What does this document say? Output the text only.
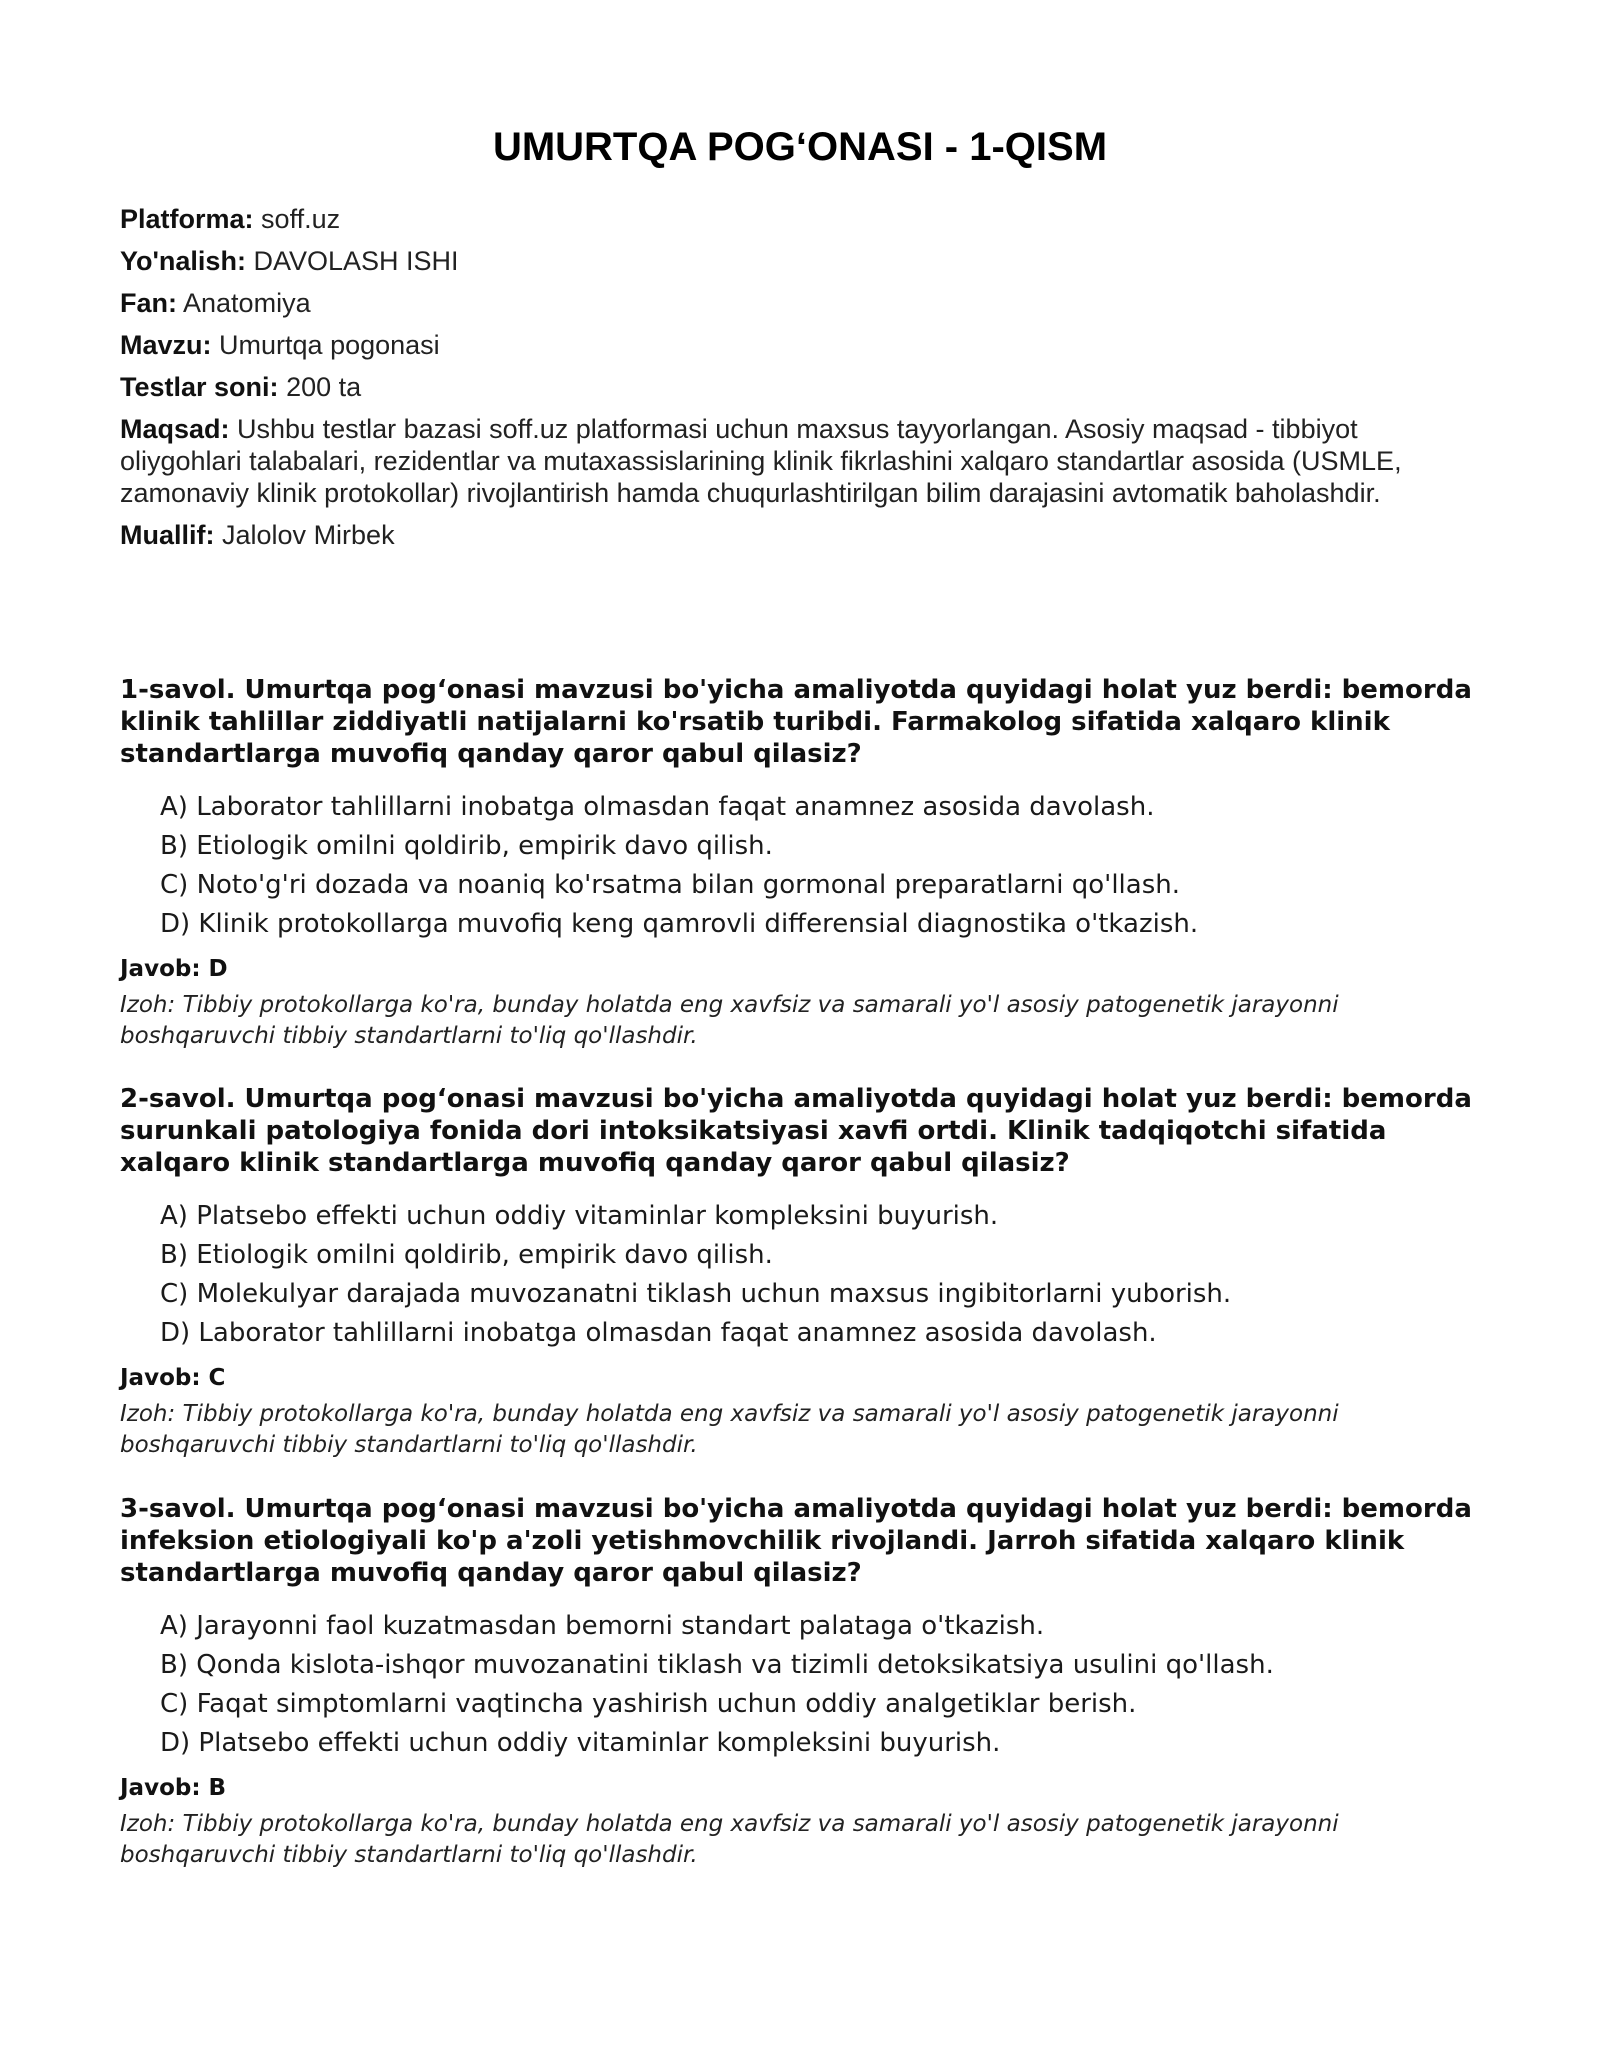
UMURTQA POG‘ONASI - 1-QISM

Platforma: soff.uz

Yo'nalish: DAVOLASH ISHI

Fan: Anatomiya

Mavzu: Umurtqa pogonasi

Testlar soni: 200 ta

Maqsad: Ushbu testlar bazasi soff.uz platformasi uchun maxsus tayyorlangan. Asosiy maqsad - tibbiyot oliygohlari talabalari, rezidentlar va mutaxassislarining klinik fikrlashini xalqaro standartlar asosida (USMLE, zamonaviy klinik protokollar) rivojlantirish hamda chuqurlashtirilgan bilim darajasini avtomatik baholashdir.

Muallif: Jalolov Mirbek

1-savol. Umurtqa pog‘onasi mavzusi bo'yicha amaliyotda quyidagi holat yuz berdi: bemorda klinik tahlillar ziddiyatli natijalarni ko'rsatib turibdi. Farmakolog sifatida xalqaro klinik standartlarga muvofiq qanday qaror qabul qilasiz?

A) Laborator tahlillarni inobatga olmasdan faqat anamnez asosida davolash.
B) Etiologik omilni qoldirib, empirik davo qilish.
C) Noto'g'ri dozada va noaniq ko'rsatma bilan gormonal preparatlarni qo'llash.
D) Klinik protokollarga muvofiq keng qamrovli differensial diagnostika o'tkazish.

Javob: D

Izoh: Tibbiy protokollarga ko'ra, bunday holatda eng xavfsiz va samarali yo'l asosiy patogenetik jarayonni boshqaruvchi tibbiy standartlarni to'liq qo'llashdir.

2-savol. Umurtqa pog‘onasi mavzusi bo'yicha amaliyotda quyidagi holat yuz berdi: bemorda surunkali patologiya fonida dori intoksikatsiyasi xavfi ortdi. Klinik tadqiqotchi sifatida xalqaro klinik standartlarga muvofiq qanday qaror qabul qilasiz?

A) Platsebo effekti uchun oddiy vitaminlar kompleksini buyurish.
B) Etiologik omilni qoldirib, empirik davo qilish.
C) Molekulyar darajada muvozanatni tiklash uchun maxsus ingibitorlarni yuborish.
D) Laborator tahlillarni inobatga olmasdan faqat anamnez asosida davolash.

Javob: C

Izoh: Tibbiy protokollarga ko'ra, bunday holatda eng xavfsiz va samarali yo'l asosiy patogenetik jarayonni boshqaruvchi tibbiy standartlarni to'liq qo'llashdir.

3-savol. Umurtqa pog‘onasi mavzusi bo'yicha amaliyotda quyidagi holat yuz berdi: bemorda infeksion etiologiyali ko'p a'zoli yetishmovchilik rivojlandi. Jarroh sifatida xalqaro klinik standartlarga muvofiq qanday qaror qabul qilasiz?

A) Jarayonni faol kuzatmasdan bemorni standart palataga o'tkazish.
B) Qonda kislota-ishqor muvozanatini tiklash va tizimli detoksikatsiya usulini qo'llash.
C) Faqat simptomlarni vaqtincha yashirish uchun oddiy analgetiklar berish.
D) Platsebo effekti uchun oddiy vitaminlar kompleksini buyurish.

Javob: B

Izoh: Tibbiy protokollarga ko'ra, bunday holatda eng xavfsiz va samarali yo'l asosiy patogenetik jarayonni boshqaruvchi tibbiy standartlarni to'liq qo'llashdir.
